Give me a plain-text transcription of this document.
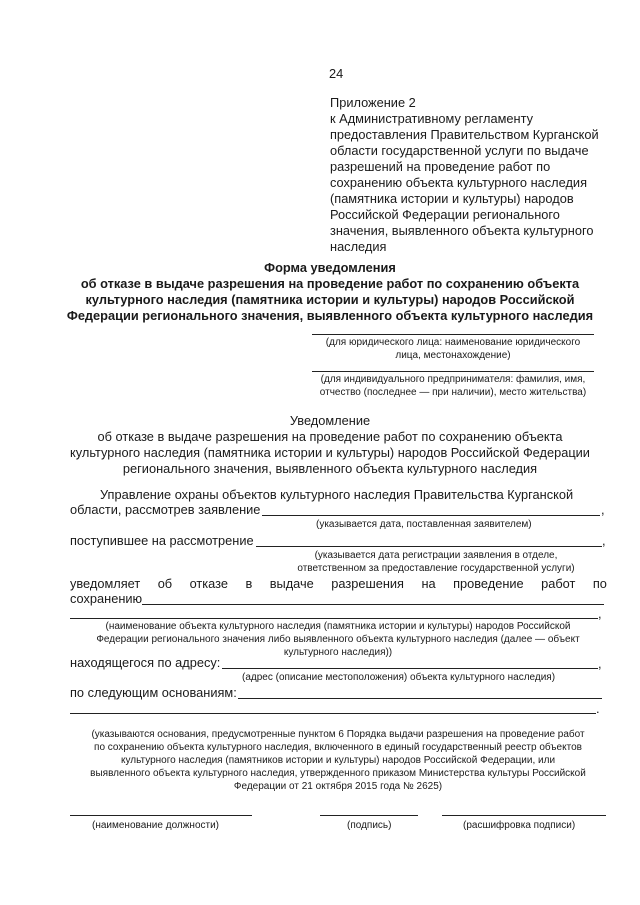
24
Приложение 2
к Административному регламенту
предоставления Правительством Курганской
области государственной услуги по выдаче
разрешений на проведение работ по
сохранению объекта культурного наследия
(памятника истории и культуры) народов
Российской Федерации регионального
значения, выявленного объекта культурного
наследия
Форма уведомления
об отказе в выдаче разрешения на проведение работ по сохранению объекта
культурного наследия (памятника истории и культуры) народов Российской
Федерации регионального значения, выявленного объекта культурного наследия
(для юридического лица: наименование юридического
лица, местонахождение)
(для индивидуального предпринимателя: фамилия, имя,
отчество (последнее — при наличии), место жительства)
Уведомление
об отказе в выдаче разрешения на проведение работ по сохранению объекта
культурного наследия (памятника истории и культуры) народов Российской Федерации
регионального значения, выявленного объекта культурного наследия
Управление охраны объектов культурного наследия Правительства Курганской
области, рассмотрев заявление	,
(указывается дата, поставленная заявителем)
поступившее на рассмотрение	,
(указывается дата регистрации заявления в отделе,
ответственном за предоставление государственной услуги)
уведомляет об отказе в выдаче разрешения на проведение работ по
сохранению
,
(наименование объекта культурного наследия (памятника истории и культуры) народов Российской
Федерации регионального значения либо выявленного объекта культурного наследия (далее — объект
культурного наследия))
находящегося по адресу:	,
(адрес (описание местоположения) объекта культурного наследия)
по следующим основаниям:
.
(указываются основания, предусмотренные пунктом 6 Порядка выдачи разрешения на проведение работ
по сохранению объекта культурного наследия, включенного в единый государственный реестр объектов
культурного наследия (памятников истории и культуры) народов Российской Федерации, или
выявленного объекта культурного наследия, утвержденного приказом Министерства культуры Российской
Федерации от 21 октября 2015 года № 2625)
(наименование должности)	(подпись)	(расшифровка подписи)
